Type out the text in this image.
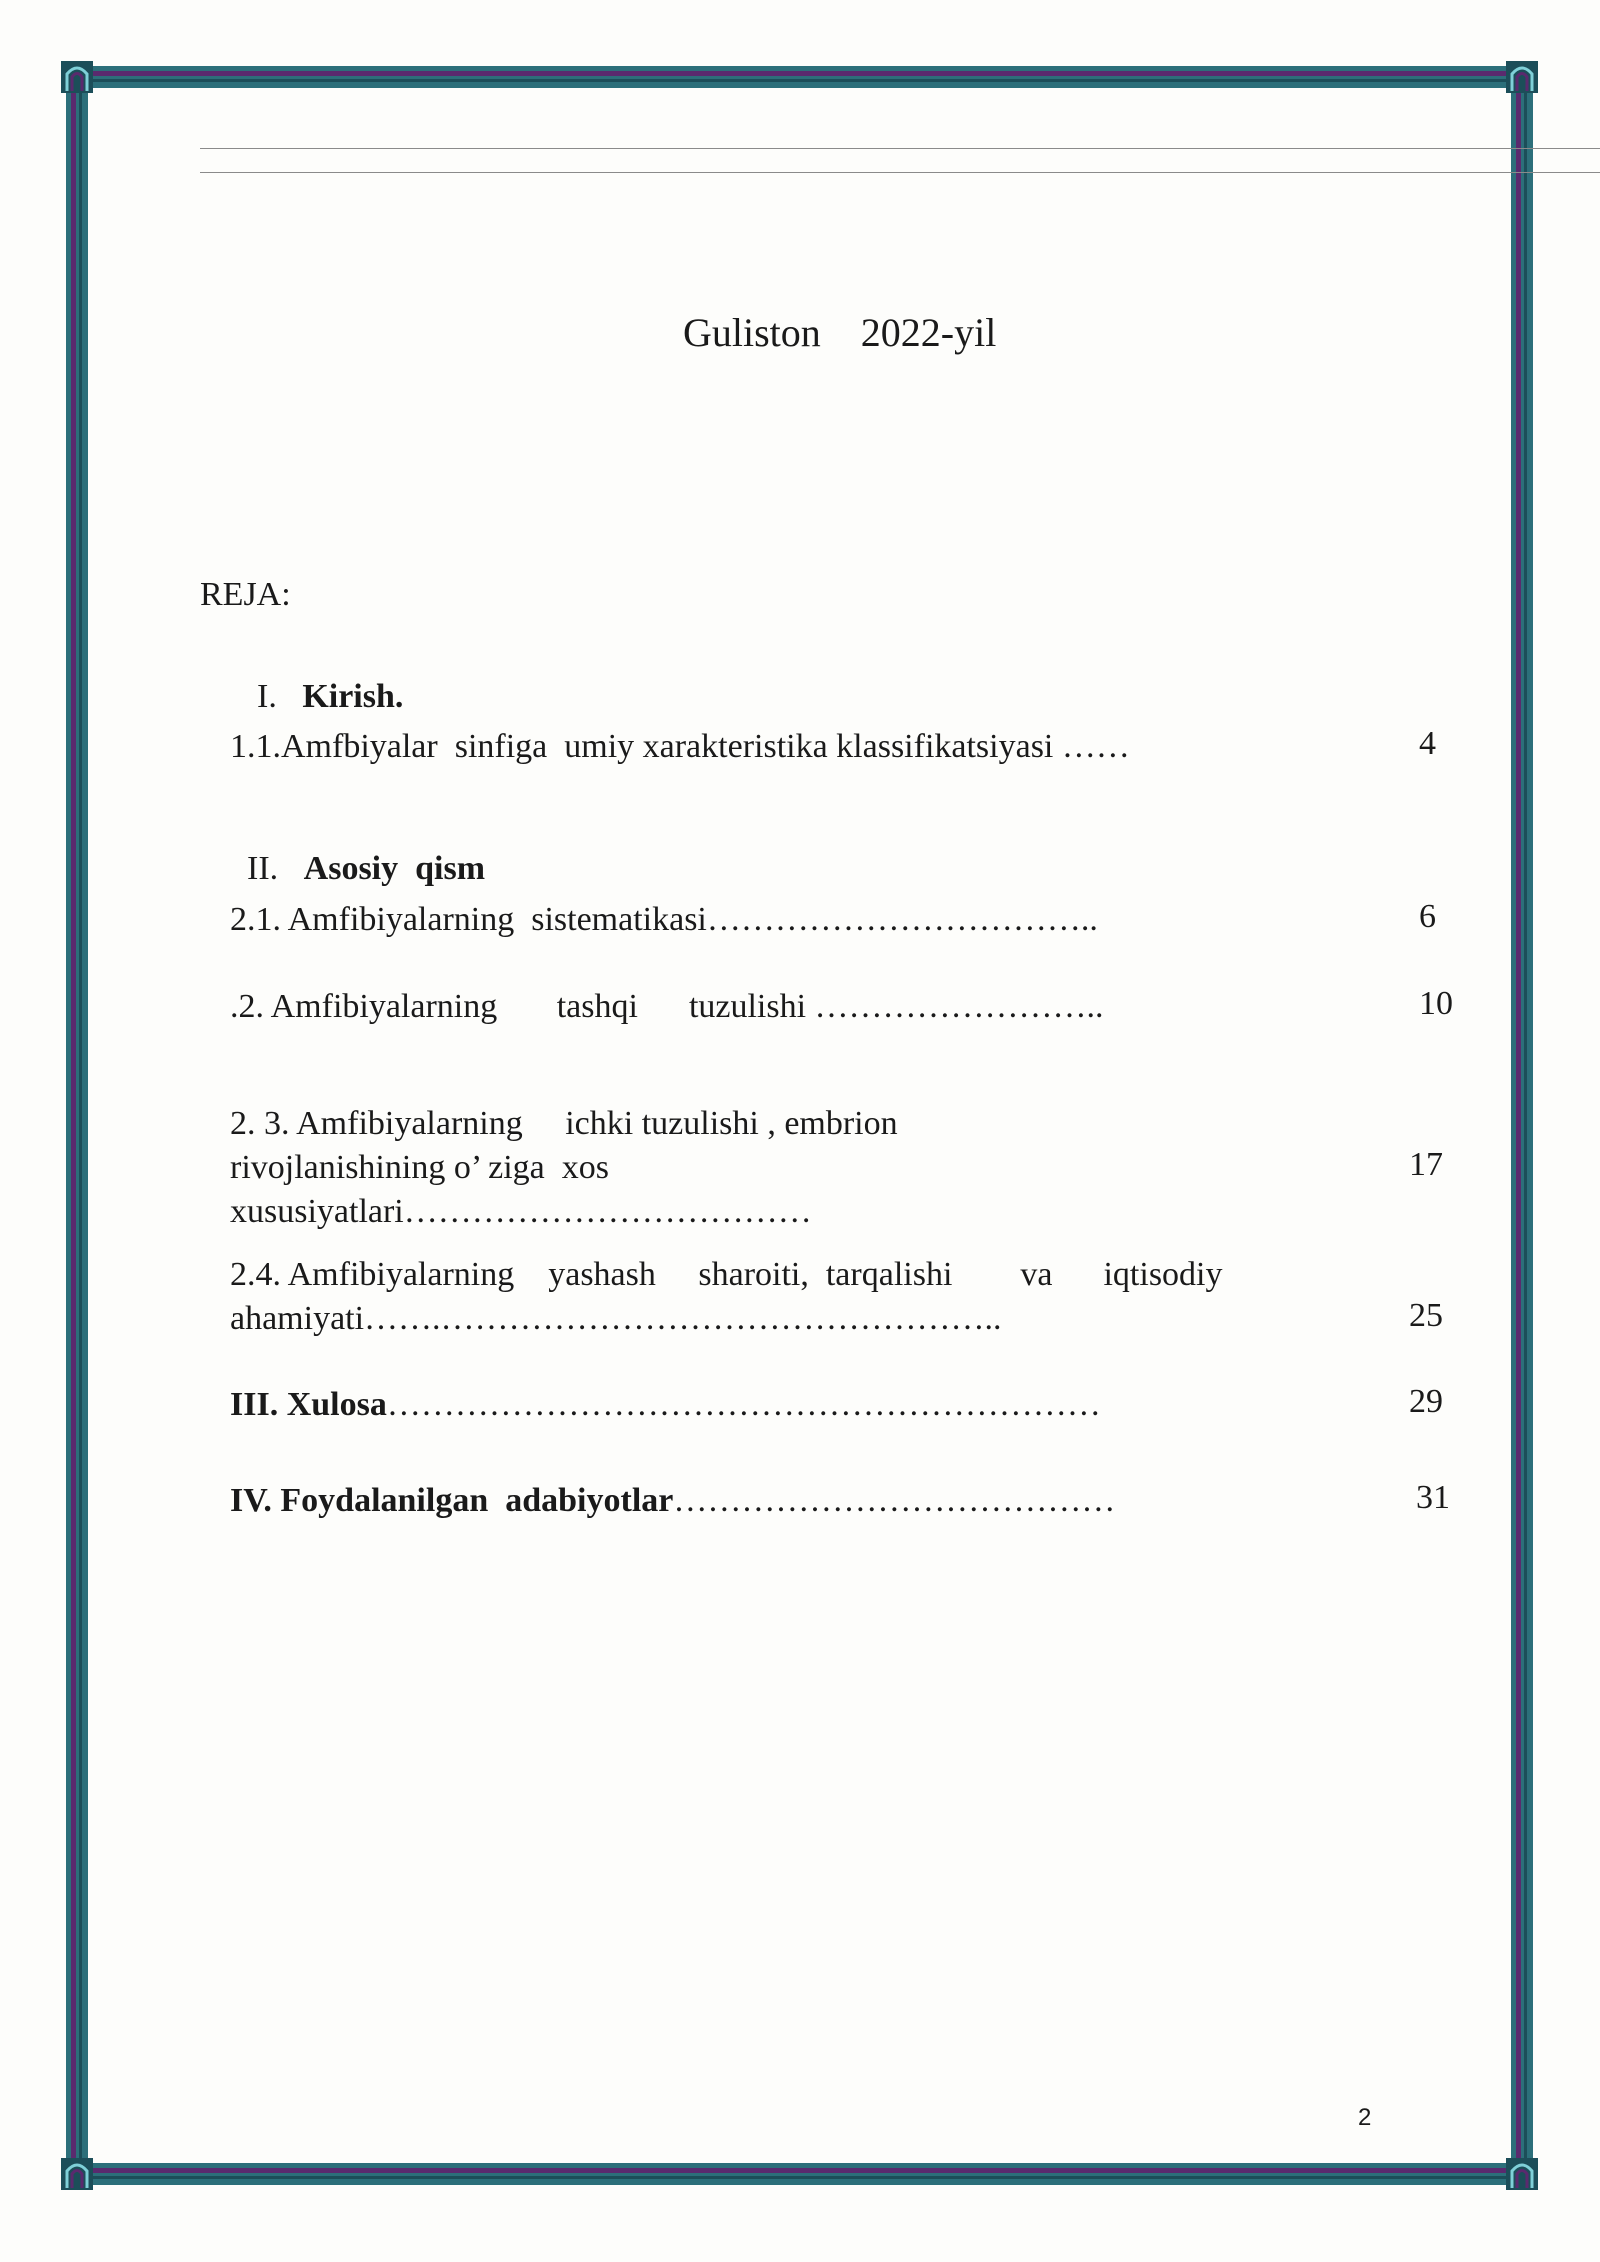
Guliston    2022-yil
REJA:

I. Kirish.

1.1.Amfbiyalar  sinfiga  umiy xarakteristika klassifikatsiyasi ……	4

II. Asosiy  qism

2.1. Amfibiyalarning  sistematikasi……………………………..	6
.2. Amfibiyalarning       tashqi      tuzulishi ……………………..	10
2. 3. Amfibiyalarning     ichki tuzulishi , embrion
rivojlanishining o’ ziga  xos
xususiyatlari………………………………
17
2.4. Amfibiyalarning    yashash     sharoiti,  tarqalishi        va      iqtisodiy
ahamiyati…….…………………………………………..	25
III. Xulosa………………………………………………………	29
IV. Foydalanilgan  adabiyotlar…………………………………	31
2
